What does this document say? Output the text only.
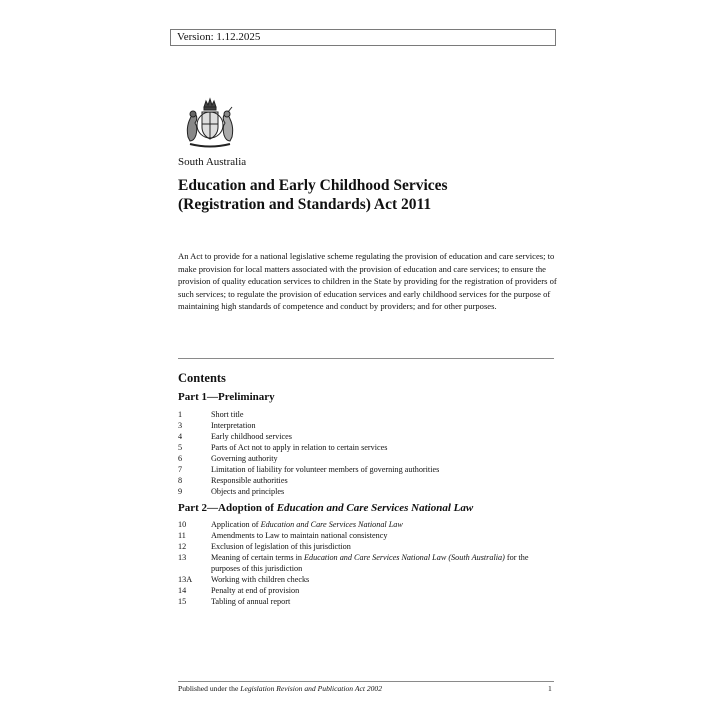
Version: 1.12.2025
South Australia
Education and Early Childhood Services
(Registration and Standards) Act 2011

An Act to provide for a national legislative scheme regulating the provision of education and care services; to make provision for local matters associated with the provision of education and care services; to ensure the provision of quality education services to children in the State by providing for the registration of providers of such services; to regulate the provision of education services and early childhood services for the purpose of maintaining high standards of competence and conduct by providers; and for other purposes.

Contents
Part 1—Preliminary
1	Short title
3	Interpretation
4	Early childhood services
5	Parts of Act not to apply in relation to certain services
6	Governing authority
7	Limitation of liability for volunteer members of governing authorities
8	Responsible authorities
9	Objects and principles
Part 2—Adoption of Education and Care Services National Law
10	Application of Education and Care Services National Law
11	Amendments to Law to maintain national consistency
12	Exclusion of legislation of this jurisdiction
13	Meaning of certain terms in Education and Care Services National Law (South Australia) for the purposes of this jurisdiction
13A Working with children checks
14	Penalty at end of provision
15	Tabling of annual report
Published under the Legislation Revision and Publication Act 2002	1
